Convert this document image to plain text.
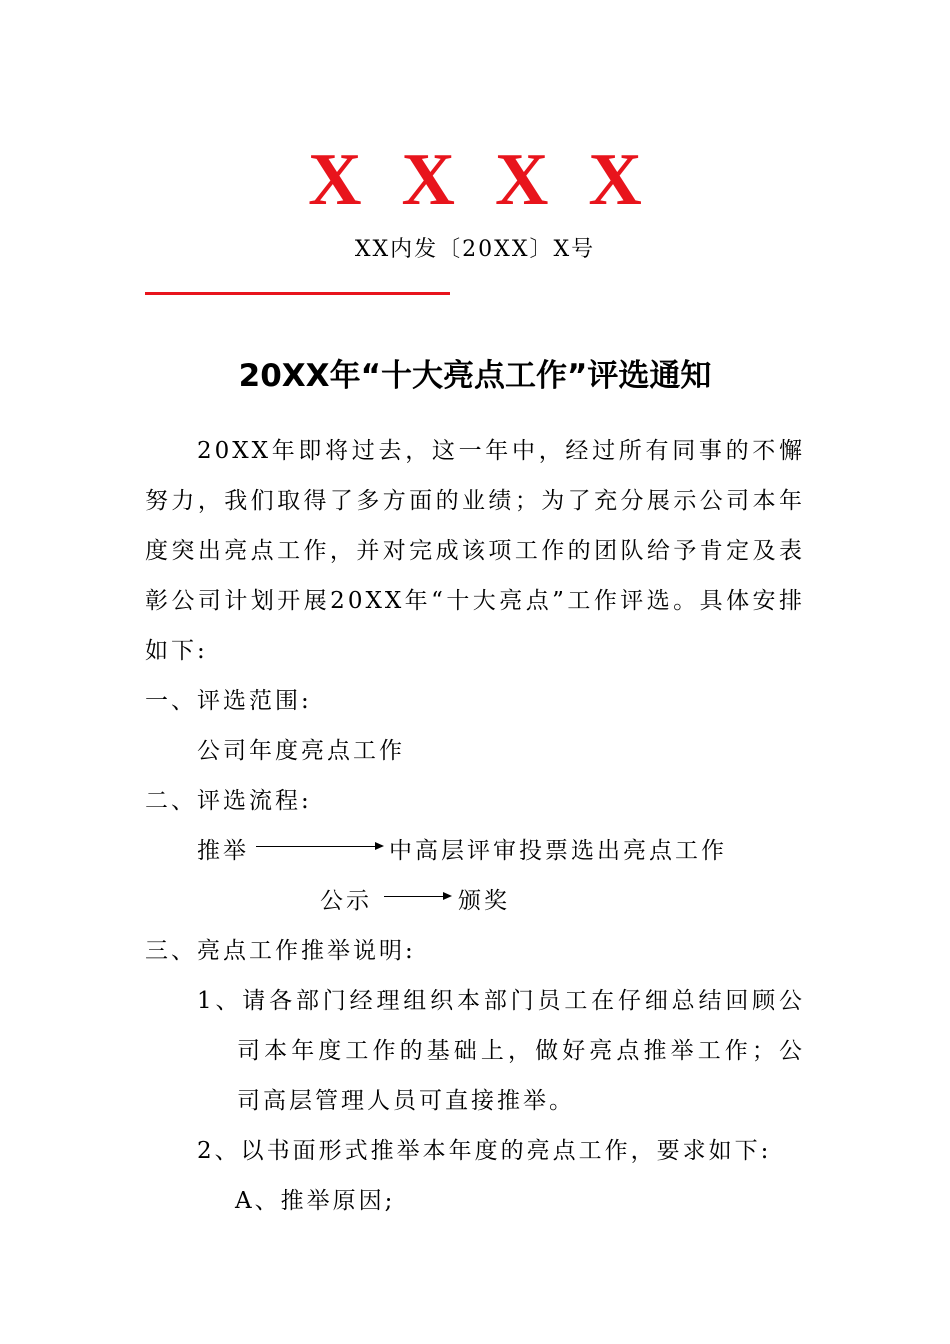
XXXX
XX内发〔20XX〕X号
20XX年“十大亮点工作”评选通知
20XX年即将过去，这一年中，经过所有同事的不懈努力，我们取得了多方面的业绩；为了充分展示公司本年度突出亮点工作，并对完成该项工作的团队给予肯定及表彰公司计划开展20XX年“十大亮点”工作评选。具体安排如下:
一、评选范围:
公司年度亮点工作
二、评选流程:
推举	中高层评审投票选出亮点工作
公示	颁奖
三、亮点工作推举说明:
1、请各部门经理组织本部门员工在仔细总结回顾公司本年度工作的基础上，做好亮点推举工作；公司高层管理人员可直接推举。
2、以书面形式推举本年度的亮点工作，要求如下:
A、推举原因;
